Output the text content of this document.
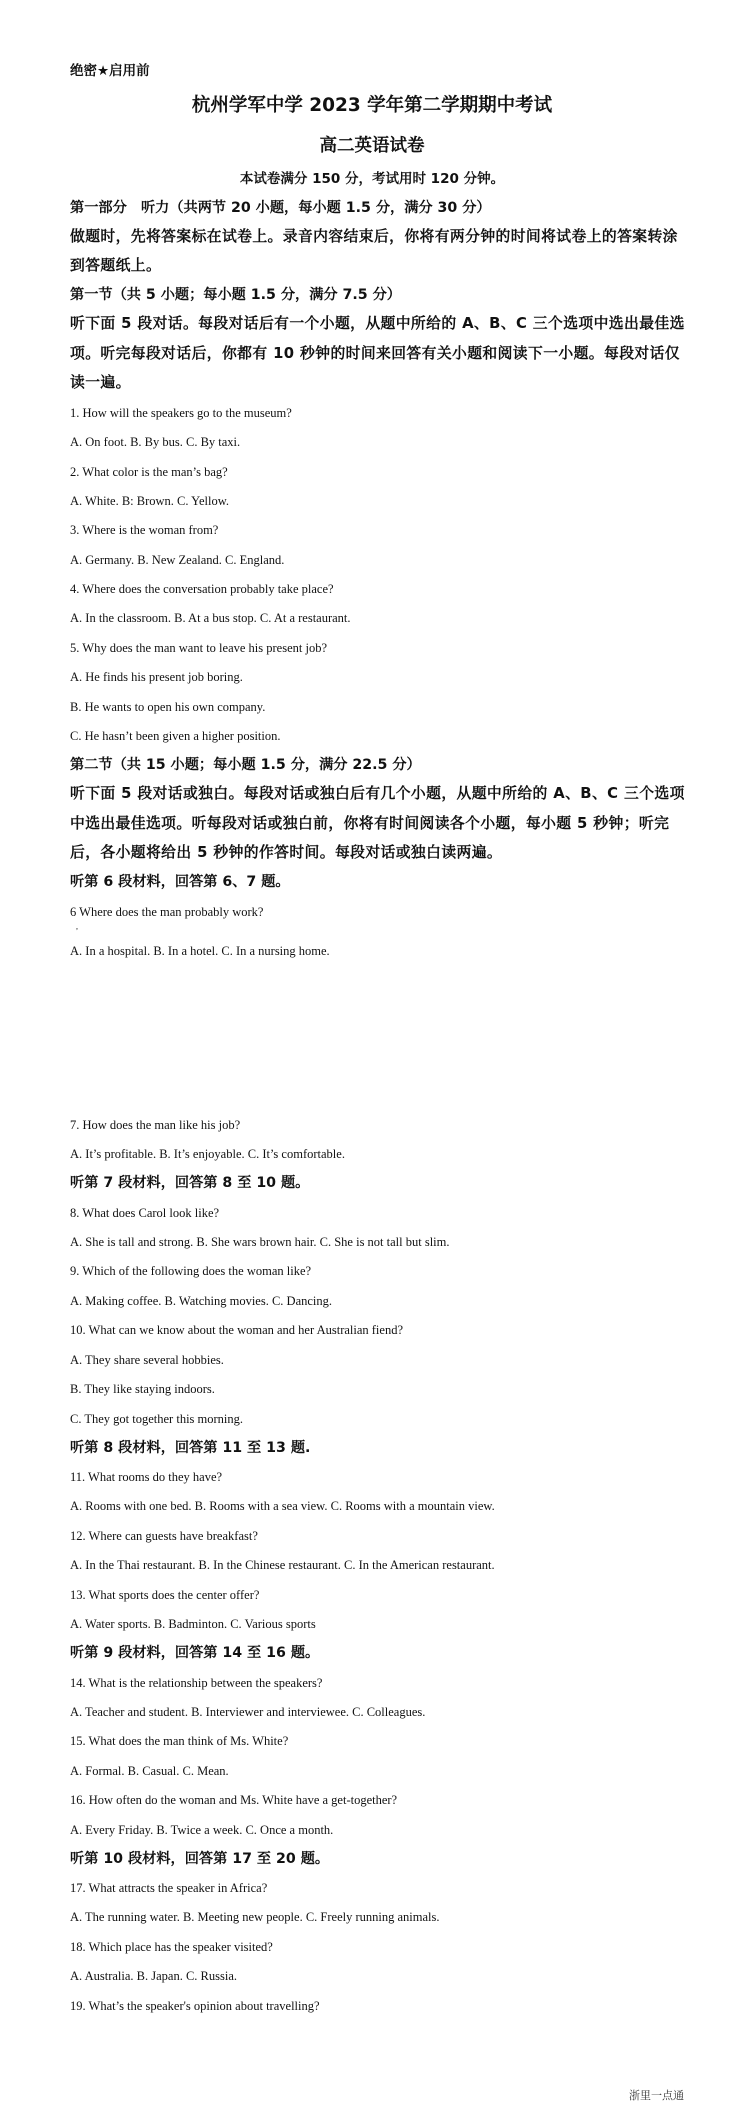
绝密★启用前
杭州学军中学 2023 学年第二学期期中考试
高二英语试卷
本试卷满分 150 分，考试用时 120 分钟。
第一部分　听力（共两节 20 小题，每小题 1.5 分，满分 30 分）
做题时，先将答案标在试卷上。录音内容结束后，你将有两分钟的时间将试卷上的答案转涂
到答题纸上。
第一节（共 5 小题；每小题 1.5 分，满分 7.5 分）
听下面 5 段对话。每段对话后有一个小题，从题中所给的 A、B、C 三个选项中选出最佳选
项。听完每段对话后，你都有 10 秒钟的时间来回答有关小题和阅读下一小题。每段对话仅
读一遍。
1. How will the speakers go to the museum?
A. On foot. B. By bus. C. By taxi.
2. What color is the man’s bag?
A. White. B: Brown. C. Yellow.
3. Where is the woman from?
A. Germany. B. New Zealand. C. England.
4. Where does the conversation probably take place?
A. In the classroom. B. At a bus stop. C. At a restaurant.
5. Why does the man want to leave his present job?
A. He finds his present job boring.
B. He wants to open his own company.
C. He hasn’t been given a higher position.
第二节（共 15 小题；每小题 1.5 分，满分 22.5 分）
听下面 5 段对话或独白。每段对话或独白后有几个小题，从题中所给的 A、B、C 三个选项
中选出最佳选项。听每段对话或独白前，你将有时间阅读各个小题，每小题 5 秒钟；听完
后，各小题将给出 5 秒钟的作答时间。每段对话或独白读两遍。
听第 6 段材料，回答第 6、7 题。
6 Where does the man probably work?
,
A. In a hospital. B. In a hotel. C. In a nursing home.
7. How does the man like his job?
A. It’s profitable. B. It’s enjoyable. C. It’s comfortable.
听第 7 段材料，回答第 8 至 10 题。
8. What does Carol look like?
A. She is tall and strong. B. She wars brown hair. C. She is not tall but slim.
9. Which of the following does the woman like?
A. Making coffee. B. Watching movies. C. Dancing.
10. What can we know about the woman and her Australian fiend?
A. They share several hobbies.
B. They like staying indoors.
C. They got together this morning.
听第 8 段材料，回答第 11 至 13 题.
11. What rooms do they have?
A. Rooms with one bed. B. Rooms with a sea view. C. Rooms with a mountain view.
12. Where can guests have breakfast?
A. In the Thai restaurant. B. In the Chinese restaurant. C. In the American restaurant.
13. What sports does the center offer?
A. Water sports. B. Badminton. C. Various sports
听第 9 段材料，回答第 14 至 16 题。
14. What is the relationship between the speakers?
A. Teacher and student. B. Interviewer and interviewee. C. Colleagues.
15. What does the man think of Ms. White?
A. Formal. B. Casual. C. Mean.
16. How often do the woman and Ms. White have a get-together?
A. Every Friday. B. Twice a week. C. Once a month.
听第 10 段材料，回答第 17 至 20 题。
17. What attracts the speaker in Africa?
A. The running water. B. Meeting new people. C. Freely running animals.
18. Which place has the speaker visited?
A. Australia. B. Japan. C. Russia.
19. What’s the speaker's opinion about travelling?
浙里一点通
